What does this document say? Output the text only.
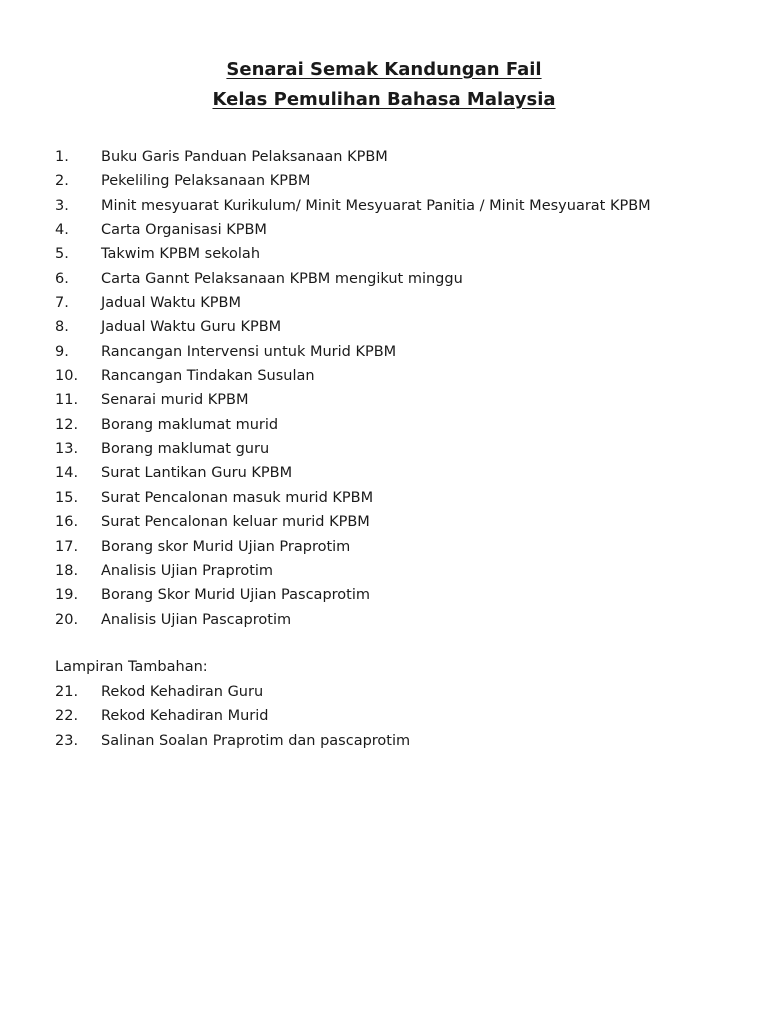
Senarai Semak Kandungan Fail
Kelas Pemulihan Bahasa Malaysia
1.	Buku Garis Panduan Pelaksanaan KPBM
2.	Pekeliling Pelaksanaan KPBM
3.	Minit mesyuarat Kurikulum/ Minit Mesyuarat Panitia / Minit Mesyuarat KPBM
4.	Carta Organisasi KPBM
5.	Takwim KPBM sekolah
6.	Carta Gannt Pelaksanaan KPBM mengikut minggu
7.	Jadual Waktu KPBM
8.	Jadual Waktu Guru KPBM
9.	Rancangan Intervensi untuk Murid KPBM
10.	Rancangan Tindakan Susulan
11.	Senarai murid KPBM
12.	Borang maklumat murid
13.	Borang maklumat guru
14.	Surat Lantikan Guru KPBM
15.	Surat Pencalonan masuk murid KPBM
16.	Surat Pencalonan keluar murid KPBM
17.	Borang skor Murid Ujian Praprotim
18.	Analisis Ujian Praprotim
19.	Borang Skor Murid Ujian Pascaprotim
20.	Analisis Ujian Pascaprotim

Lampiran Tambahan:

21.	Rekod Kehadiran Guru
22.	Rekod Kehadiran Murid
23.	Salinan Soalan Praprotim dan pascaprotim
